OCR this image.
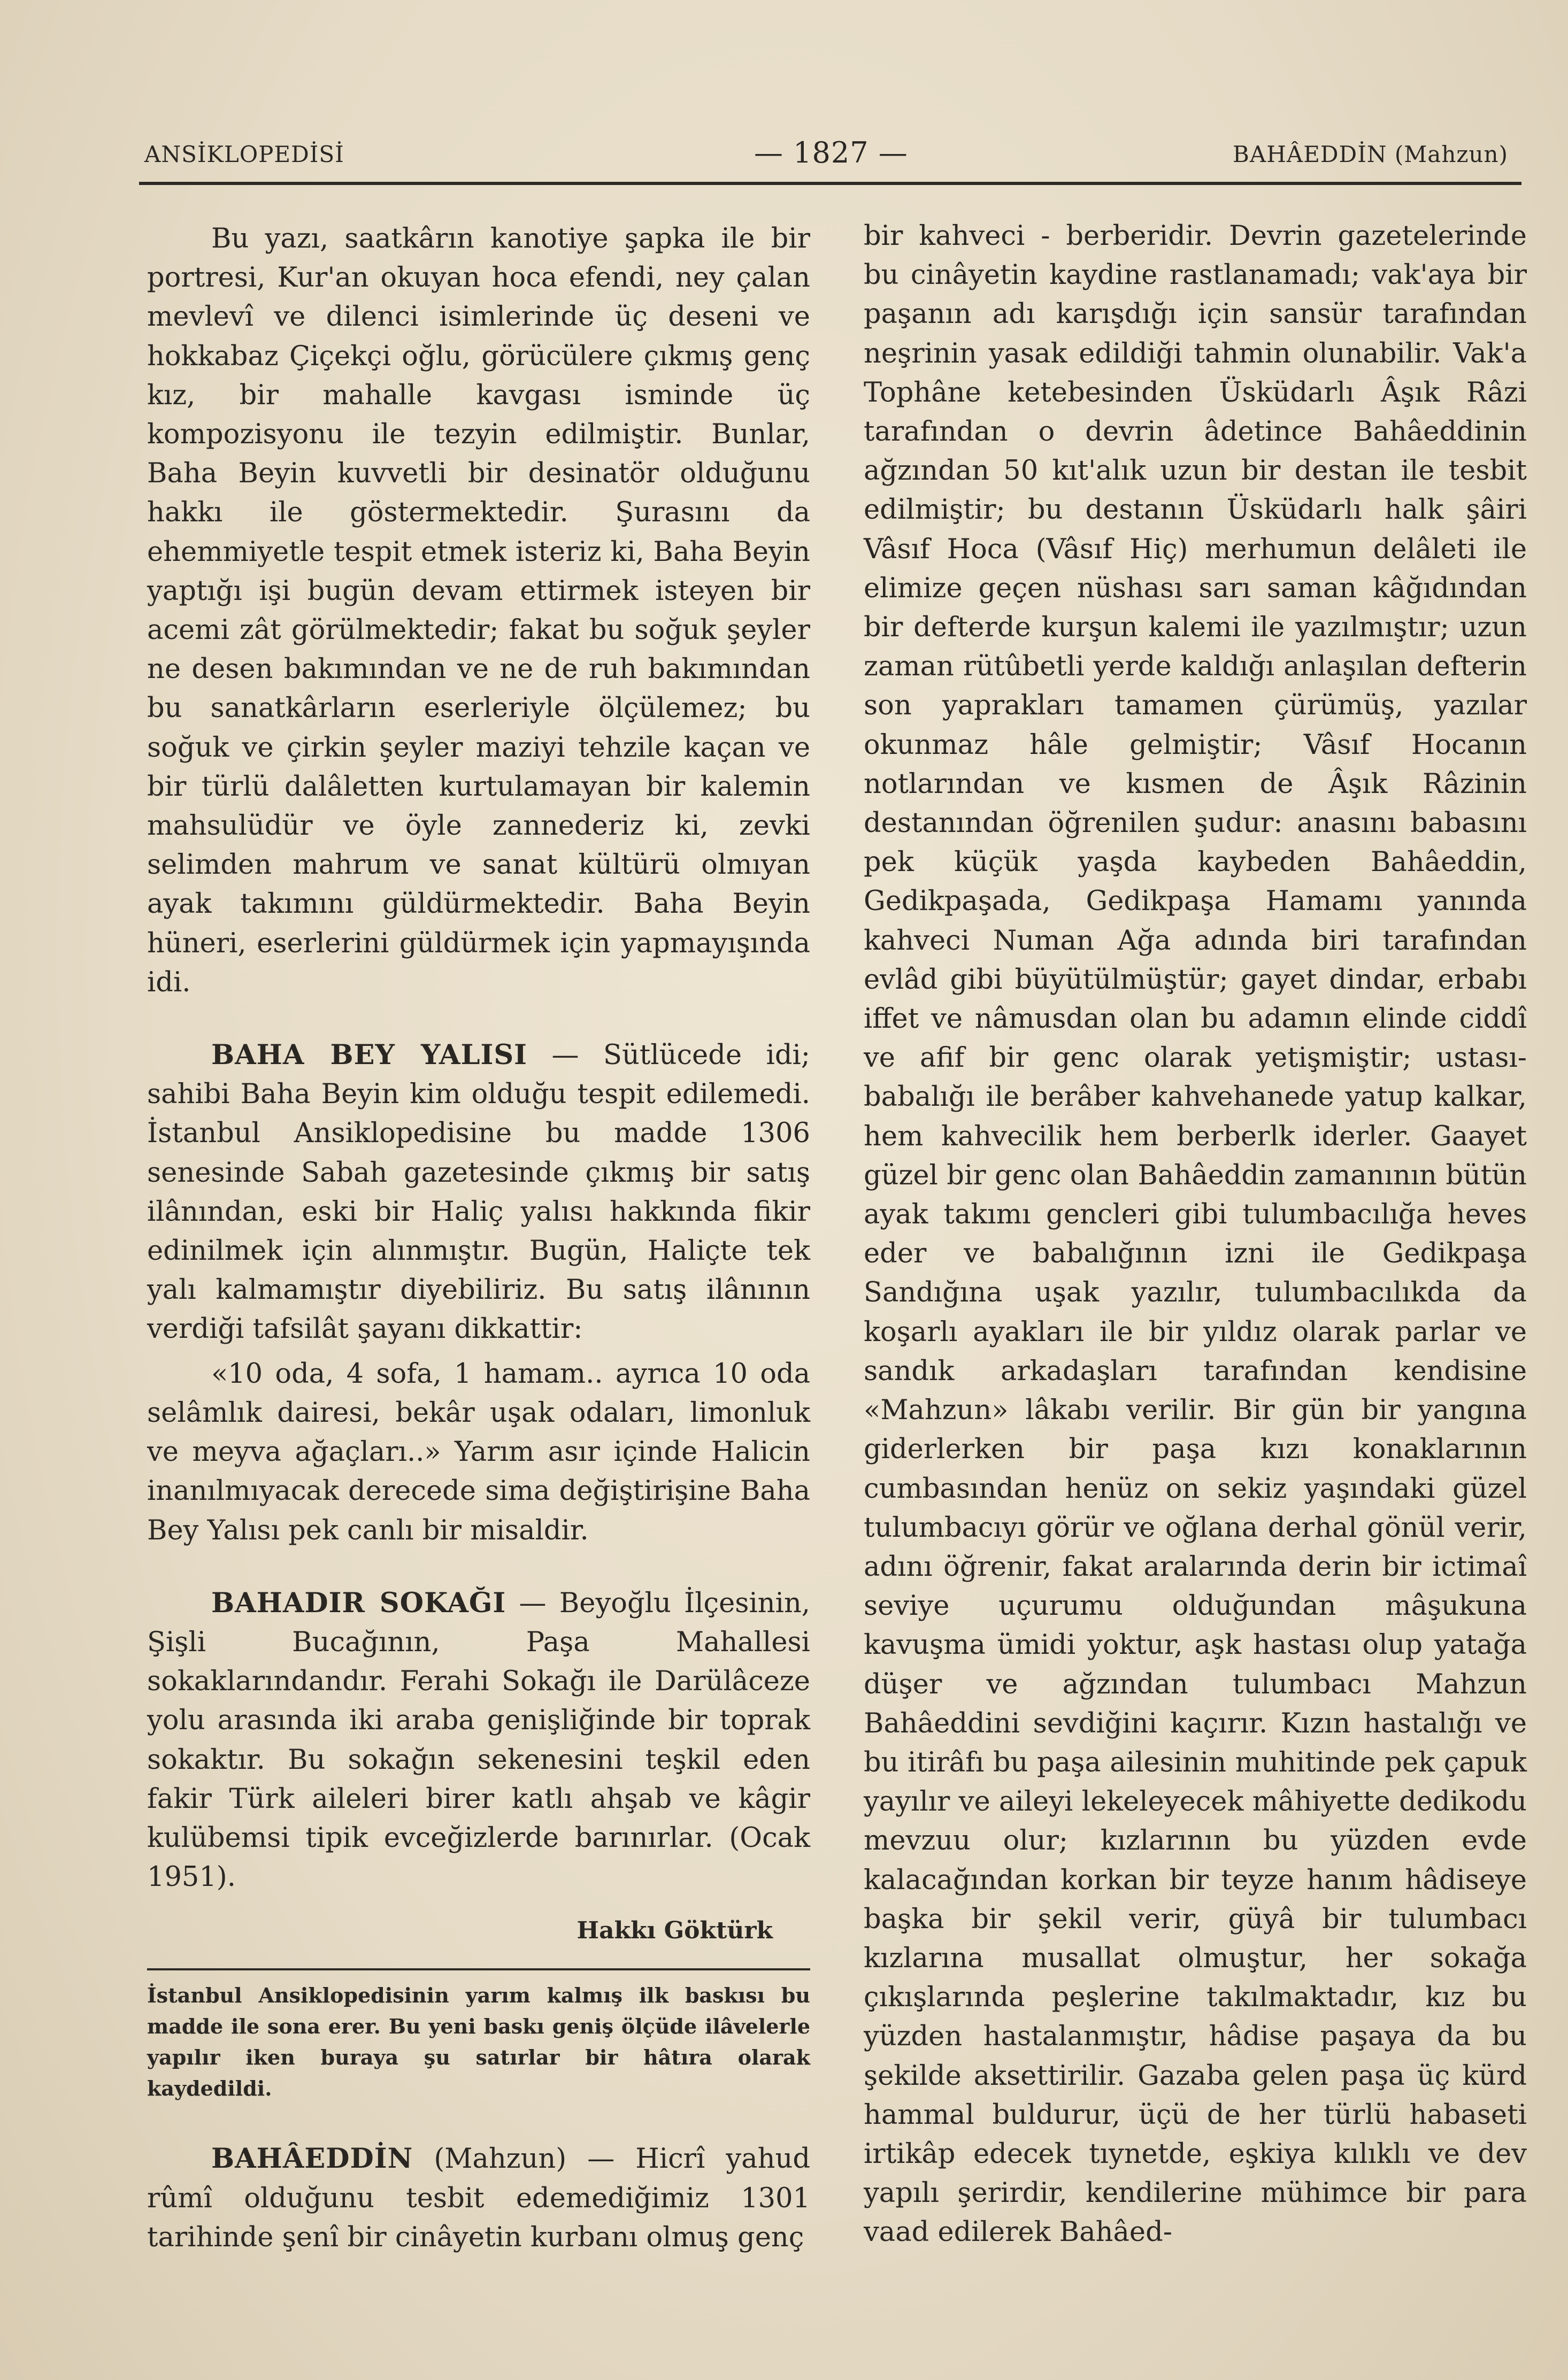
ANSİKLOPEDİSİ	— 1827 —	BAHÂEDDİN (Mahzun)

Bu yazı, saatkârın kanotiye şapka ile bir portresi, Kur'an okuyan hoca efendi, ney çalan mevlevî ve dilenci isimlerinde üç deseni ve hokkabaz Çiçekçi oğlu, görücülere çıkmış genç kız, bir mahalle kavgası isminde üç kompozisyonu ile tezyin edilmiştir. Bunlar, Baha Beyin kuvvetli bir desinatör olduğunu hakkı ile göstermektedir. Şurasını da ehemmiyetle tespit etmek isteriz ki, Baha Beyin yaptığı işi bugün devam ettirmek isteyen bir acemi zât görülmektedir; fakat bu soğuk şeyler ne desen bakımından ve ne de ruh bakımından bu sanatkârların eserleriyle ölçülemez; bu soğuk ve çirkin şeyler maziyi tehzile kaçan ve bir türlü dalâletten kurtulamayan bir kalemin mahsulüdür ve öyle zannederiz ki, zevki selimden mahrum ve sanat kültürü olmıyan ayak takımını güldürmektedir. Baha Beyin hüneri, eserlerini güldürmek için yapmayışında idi.

BAHA BEY YALISI — Sütlücede idi; sahibi Baha Beyin kim olduğu tespit edilemedi. İstanbul Ansiklopedisine bu madde 1306 senesinde Sabah gazetesinde çıkmış bir satış ilânından, eski bir Haliç yalısı hakkında fikir edinilmek için alınmıştır. Bugün, Haliçte tek yalı kalmamıştır diyebiliriz. Bu satış ilânının verdiği tafsilât şayanı dikkattir:

«10 oda, 4 sofa, 1 hamam.. ayrıca 10 oda selâmlık dairesi, bekâr uşak odaları, limonluk ve meyva ağaçları..» Yarım asır içinde Halicin inanılmıyacak derecede sima değiştirişine Baha Bey Yalısı pek canlı bir misaldir.

BAHADIR SOKAĞI — Beyoğlu İlçesinin, Şişli Bucağının, Paşa Mahallesi sokaklarındandır. Ferahi Sokağı ile Darülâceze yolu arasında iki araba genişliğinde bir toprak sokaktır. Bu sokağın sekenesini teşkil eden fakir Türk aileleri birer katlı ahşab ve kâgir kulübemsi tipik evceğizlerde barınırlar. (Ocak 1951).

Hakkı Göktürk

İstanbul Ansiklopedisinin yarım kalmış ilk baskısı bu madde ile sona erer. Bu yeni baskı geniş ölçüde ilâvelerle yapılır iken buraya şu satırlar bir hâtıra olarak kaydedildi.

BAHÂEDDİN (Mahzun) — Hicrî yahud rûmî olduğunu tesbit edemediğimiz 1301 tarihinde şenî bir cinâyetin kurbanı olmuş genç

bir kahveci - berberidir. Devrin gazetelerinde bu cinâyetin kaydine rastlanamadı; vak'aya bir paşanın adı karışdığı için sansür tarafından neşrinin yasak edildiği tahmin olunabilir. Vak'a Tophâne ketebesinden Üsküdarlı Âşık Râzi tarafından o devrin âdetince Bahâeddinin ağzından 50 kıt'alık uzun bir destan ile tesbit edilmiştir; bu destanın Üsküdarlı halk şâiri Vâsıf Hoca (Vâsıf Hiç) merhumun delâleti ile elimize geçen nüshası sarı saman kâğıdından bir defterde kurşun kalemi ile yazılmıştır; uzun zaman rütûbetli yerde kaldığı anlaşılan defterin son yaprakları tamamen çürümüş, yazılar okunmaz hâle gelmiştir; Vâsıf Hocanın notlarından ve kısmen de Âşık Râzinin destanından öğrenilen şudur: anasını babasını pek küçük yaşda kaybeden Bahâeddin, Gedikpaşada, Gedikpaşa Hamamı yanında kahveci Numan Ağa adında biri tarafından evlâd gibi büyütülmüştür; gayet dindar, erbabı iffet ve nâmusdan olan bu adamın elinde ciddî ve afif bir genc olarak yetişmiştir; ustası-babalığı ile berâber kahvehanede yatup kalkar, hem kahvecilik hem berberlk iderler. Gaayet güzel bir genc olan Bahâeddin zamanının bütün ayak takımı gencleri gibi tulumbacılığa heves eder ve babalığının izni ile Gedikpaşa Sandığına uşak yazılır, tulumbacılıkda da koşarlı ayakları ile bir yıldız olarak parlar ve sandık arkadaşları tarafından kendisine «Mahzun» lâkabı verilir. Bir gün bir yangına giderlerken bir paşa kızı konaklarının cumbasından henüz on sekiz yaşındaki güzel tulumbacıyı görür ve oğlana derhal gönül verir, adını öğrenir, fakat aralarında derin bir ictimaî seviye uçurumu olduğundan mâşukuna kavuşma ümidi yoktur, aşk hastası olup yatağa düşer ve ağzından tulumbacı Mahzun Bahâeddini sevdiğini kaçırır. Kızın hastalığı ve bu itirâfı bu paşa ailesinin muhitinde pek çapuk yayılır ve aileyi lekeleyecek mâhiyette dedikodu mevzuu olur; kızlarının bu yüzden evde kalacağından korkan bir teyze hanım hâdiseye başka bir şekil verir, güyâ bir tulumbacı kızlarına musallat olmuştur, her sokağa çıkışlarında peşlerine takılmaktadır, kız bu yüzden hastalanmıştır, hâdise paşaya da bu şekilde aksettirilir. Gazaba gelen paşa üç kürd hammal buldurur, üçü de her türlü habaseti irtikâp edecek tıynetde, eşkiya kılıklı ve dev yapılı şerirdir, kendilerine mühimce bir para vaad edilerek Bahâed-
